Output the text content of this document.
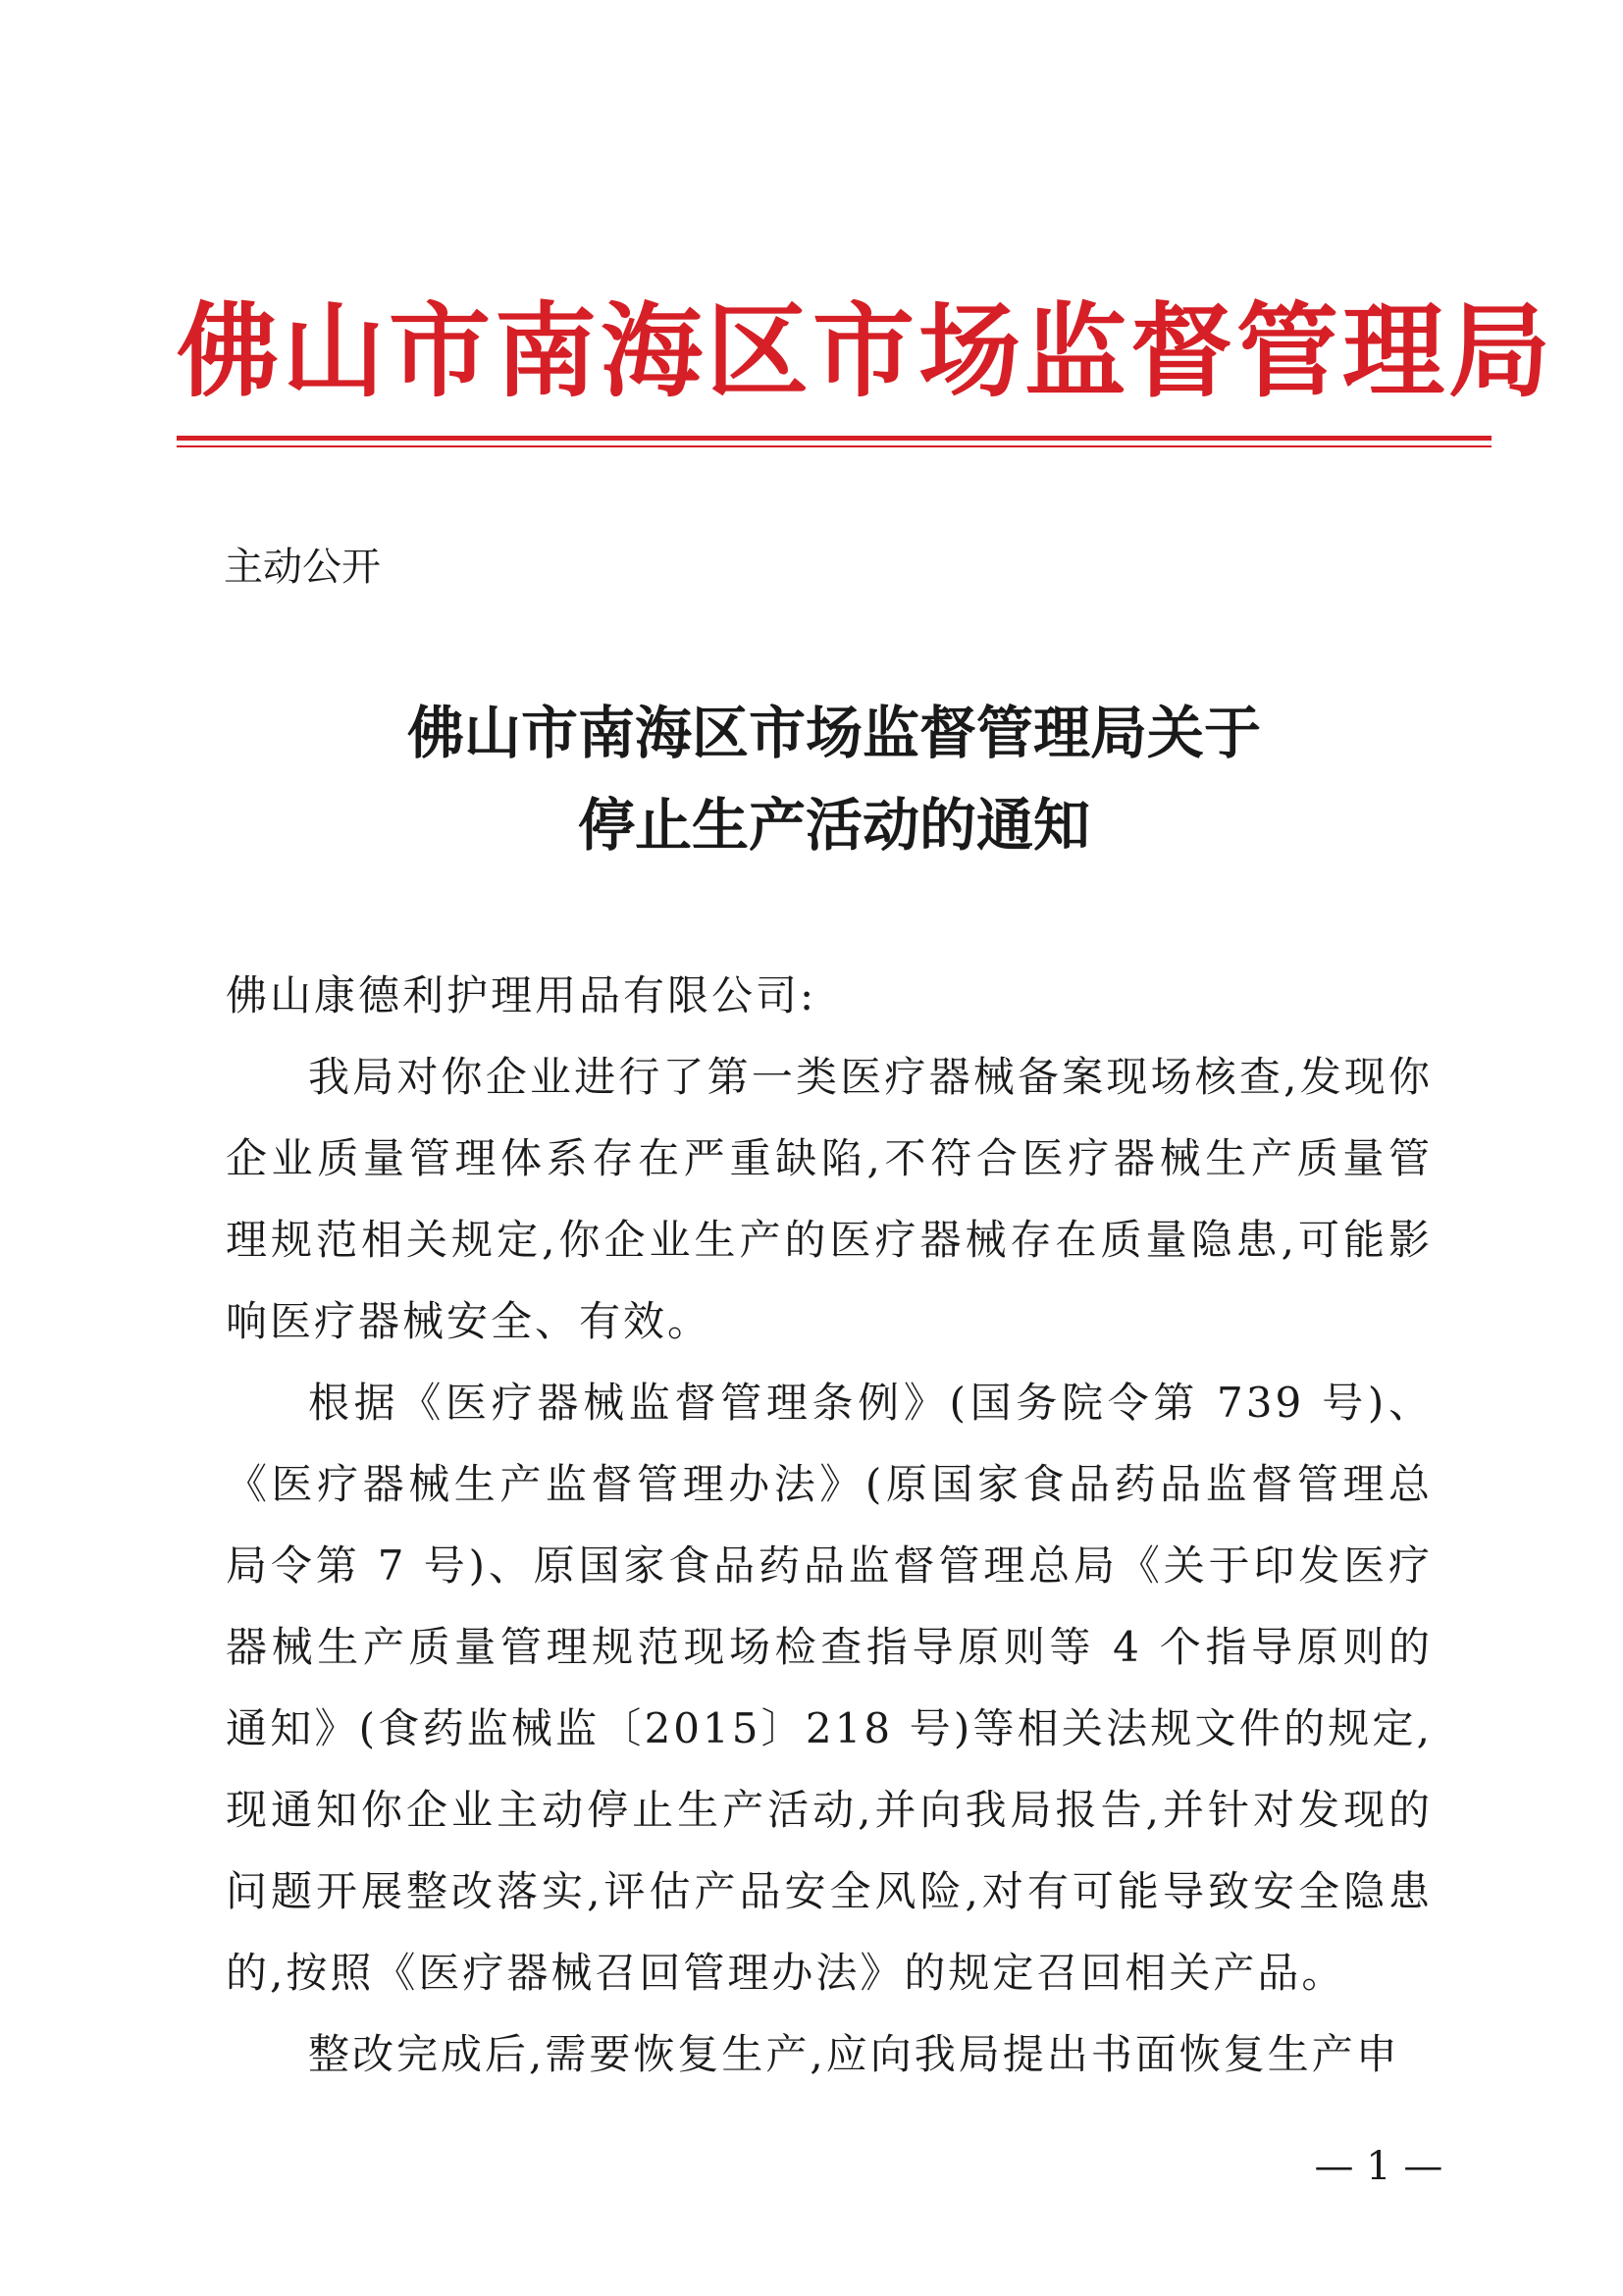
佛山市南海区市场监督管理局
主动公开
佛山市南海区市场监督管理局关于
停止生产活动的通知
佛山康德利护理用品有限公司:

我局对你企业进行了第一类医疗器械备案现场核查,发现你企业质量管理体系存在严重缺陷,不符合医疗器械生产质量管理规范相关规定,你企业生产的医疗器械存在质量隐患,可能影响医疗器械安全、有效。

根据《医疗器械监督管理条例》(国务院令第 739 号)、《医疗器械生产监督管理办法》(原国家食品药品监督管理总局令第 7 号)、原国家食品药品监督管理总局《关于印发医疗器械生产质量管理规范现场检查指导原则等 4 个指导原则的通知》(食药监械监〔2015〕218 号)等相关法规文件的规定,现通知你企业主动停止生产活动,并向我局报告,并针对发现的问题开展整改落实,评估产品安全风险,对有可能导致安全隐患的,按照《医疗器械召回管理办法》的规定召回相关产品。

整改完成后,需要恢复生产,应向我局提出书面恢复生产申

— 1 —
